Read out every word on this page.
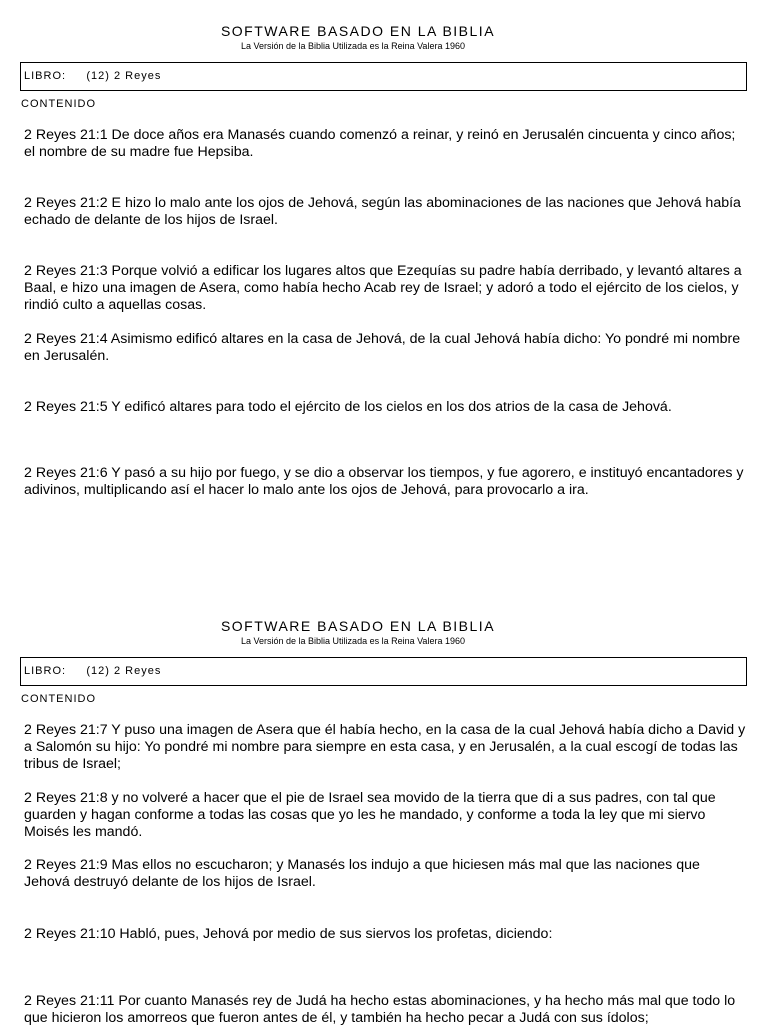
SOFTWARE BASADO EN LA BIBLIA
La Versión de la Biblia Utilizada es la Reina Valera 1960
LIBRO: (12) 2 Reyes
CONTENIDO
2 Reyes 21:1 De doce años era Manasés cuando comenzó a reinar, y reinó en Jerusalén cincuenta y cinco años; el nombre de su madre fue Hepsiba.
2 Reyes 21:2 E hizo lo malo ante los ojos de Jehová, según las abominaciones de las naciones que Jehová había echado de delante de los hijos de Israel.
2 Reyes 21:3 Porque volvió a edificar los lugares altos que Ezequías su padre había derribado, y levantó altares a Baal, e hizo una imagen de Asera, como había hecho Acab rey de Israel; y adoró a todo el ejército de los cielos, y rindió culto a aquellas cosas.
2 Reyes 21:4 Asimismo edificó altares en la casa de Jehová, de la cual Jehová había dicho: Yo pondré mi nombre en Jerusalén.
2 Reyes 21:5 Y edificó altares para todo el ejército de los cielos en los dos atrios de la casa de Jehová.
2 Reyes 21:6 Y pasó a su hijo por fuego, y se dio a observar los tiempos, y fue agorero, e instituyó encantadores y adivinos, multiplicando así el hacer lo malo ante los ojos de Jehová, para provocarlo a ira.
SOFTWARE BASADO EN LA BIBLIA
La Versión de la Biblia Utilizada es la Reina Valera 1960
LIBRO: (12) 2 Reyes
CONTENIDO
2 Reyes 21:7 Y puso una imagen de Asera que él había hecho, en la casa de la cual Jehová había dicho a David y a Salomón su hijo: Yo pondré mi nombre para siempre en esta casa, y en Jerusalén, a la cual escogí de todas las tribus de Israel;
2 Reyes 21:8 y no volveré a hacer que el pie de Israel sea movido de la tierra que di a sus padres, con tal que guarden y hagan conforme a todas las cosas que yo les he mandado, y conforme a toda la ley que mi siervo Moisés les mandó.
2 Reyes 21:9 Mas ellos no escucharon; y Manasés los indujo a que hiciesen más mal que las naciones que Jehová destruyó delante de los hijos de Israel.
2 Reyes 21:10 Habló, pues, Jehová por medio de sus siervos los profetas, diciendo:
2 Reyes 21:11 Por cuanto Manasés rey de Judá ha hecho estas abominaciones, y ha hecho más mal que todo lo que hicieron los amorreos que fueron antes de él, y también ha hecho pecar a Judá con sus ídolos;
